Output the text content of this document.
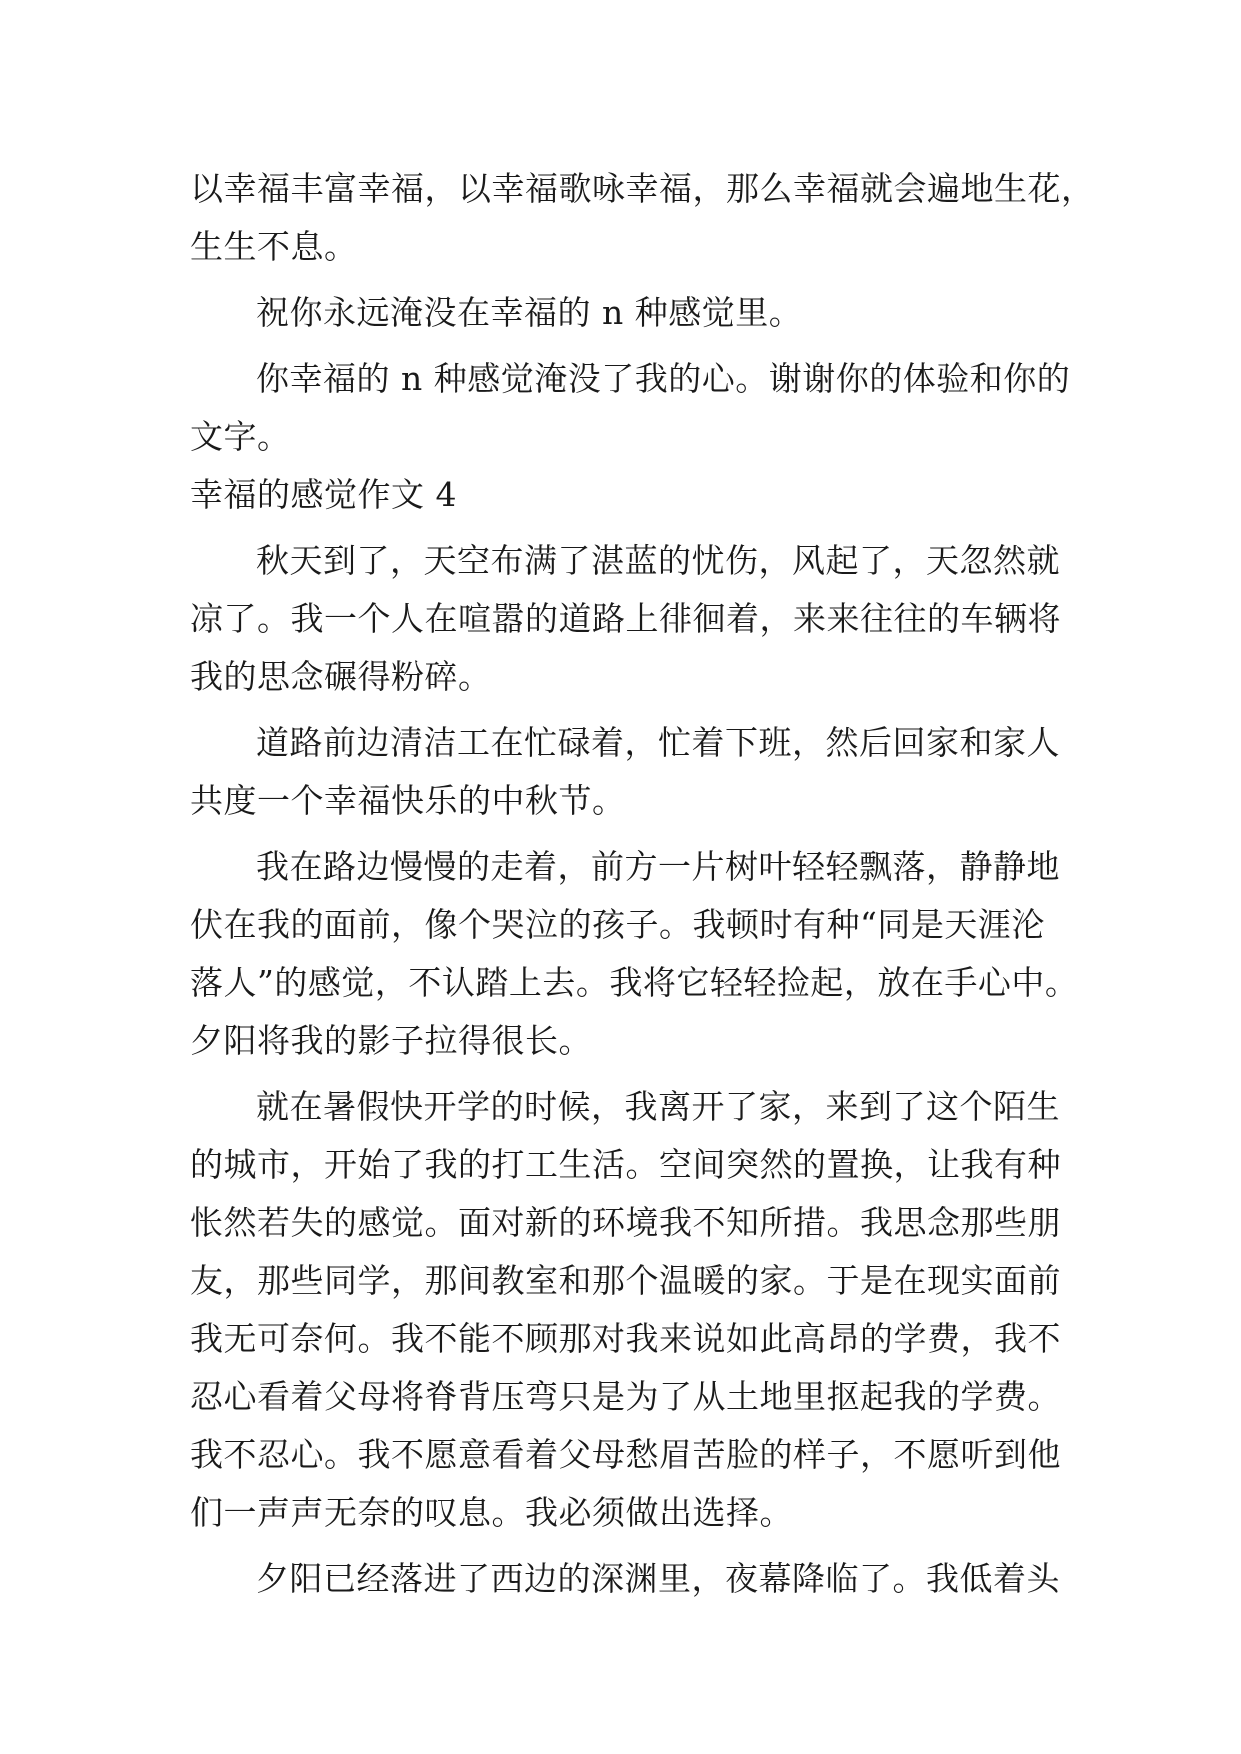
以幸福丰富幸福，以幸福歌咏幸福，那么幸福就会遍地生花，
生生不息。
祝你永远淹没在幸福的 n 种感觉里。
你幸福的 n 种感觉淹没了我的心。谢谢你的体验和你的
文字。
幸福的感觉作文 4
秋天到了，天空布满了湛蓝的忧伤，风起了，天忽然就
凉了。我一个人在喧嚣的道路上徘徊着，来来往往的车辆将
我的思念碾得粉碎。
道路前边清洁工在忙碌着，忙着下班，然后回家和家人
共度一个幸福快乐的中秋节。
我在路边慢慢的走着，前方一片树叶轻轻飘落，静静地
伏在我的面前，像个哭泣的孩子。我顿时有种“同是天涯沦
落人”的感觉，不认踏上去。我将它轻轻捡起，放在手心中。
夕阳将我的影子拉得很长。
就在暑假快开学的时候，我离开了家，来到了这个陌生
的城市，开始了我的打工生活。空间突然的置换，让我有种
怅然若失的感觉。面对新的环境我不知所措。我思念那些朋
友，那些同学，那间教室和那个温暖的家。于是在现实面前
我无可奈何。我不能不顾那对我来说如此高昂的学费，我不
忍心看着父母将脊背压弯只是为了从土地里抠起我的学费。
我不忍心。我不愿意看着父母愁眉苦脸的样子，不愿听到他
们一声声无奈的叹息。我必须做出选择。
夕阳已经落进了西边的深渊里，夜幕降临了。我低着头
